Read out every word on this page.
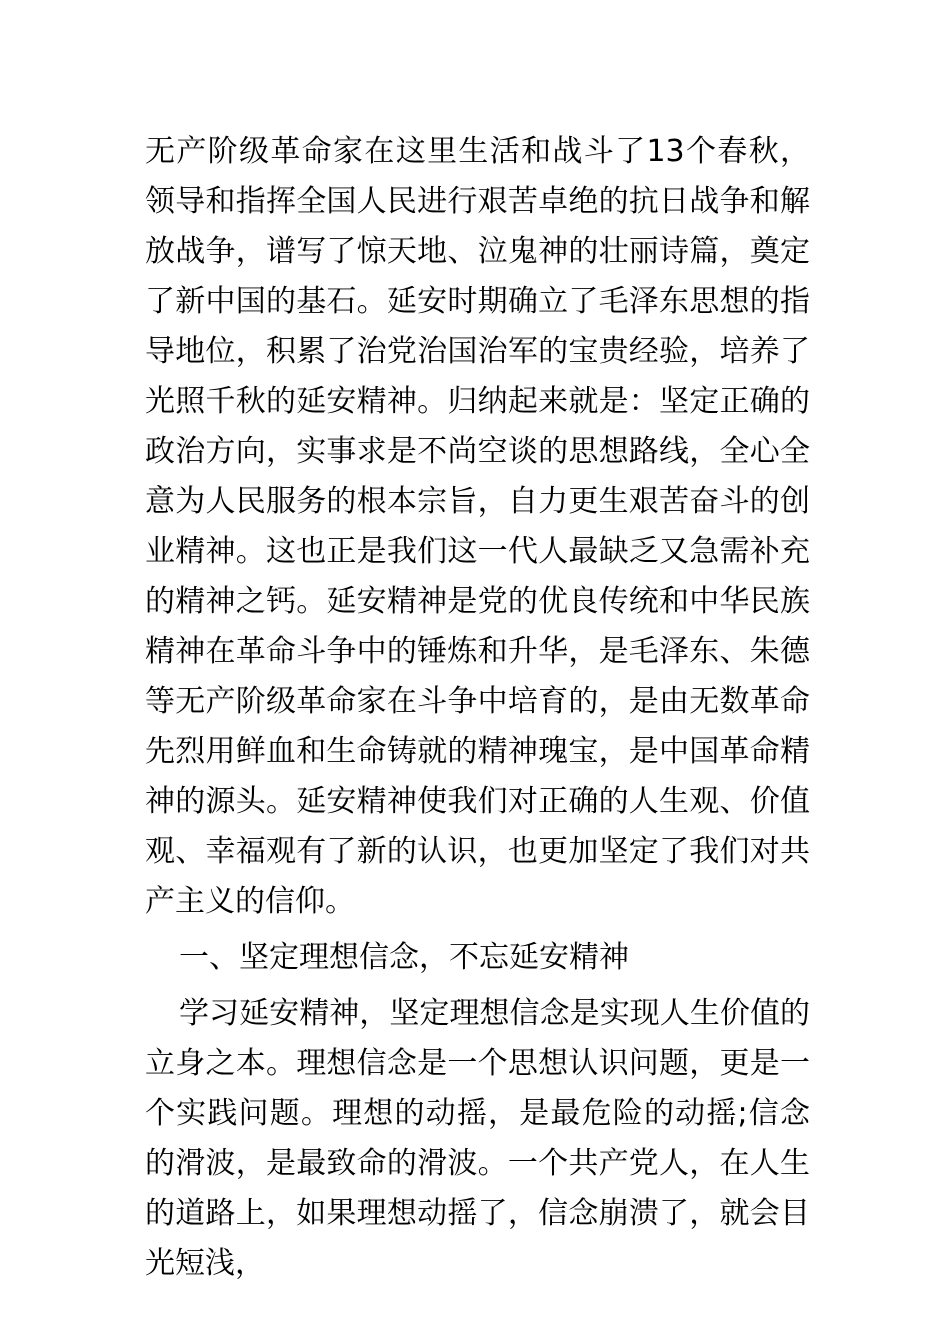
无产阶级革命家在这里生活和战斗了13个春秋，领导和指挥全国人民进行艰苦卓绝的抗日战争和解放战争，谱写了惊天地、泣鬼神的壮丽诗篇，奠定了新中国的基石。延安时期确立了毛泽东思想的指导地位，积累了治党治国治军的宝贵经验，培养了光照千秋的延安精神。归纳起来就是：坚定正确的政治方向，实事求是不尚空谈的思想路线，全心全意为人民服务的根本宗旨，自力更生艰苦奋斗的创业精神。这也正是我们这一代人最缺乏又急需补充的精神之钙。延安精神是党的优良传统和中华民族精神在革命斗争中的锤炼和升华，是毛泽东、朱德等无产阶级革命家在斗争中培育的，是由无数革命先烈用鲜血和生命铸就的精神瑰宝，是中国革命精神的源头。延安精神使我们对正确的人生观、价值观、幸福观有了新的认识，也更加坚定了我们对共产主义的信仰。

一、坚定理想信念，不忘延安精神

学习延安精神，坚定理想信念是实现人生价值的立身之本。理想信念是一个思想认识问题，更是一个实践问题。理想的动摇，是最危险的动摇;信念的滑波，是最致命的滑波。一个共产党人，在人生的道路上，如果理想动摇了，信念崩溃了，就会目光短浅，
